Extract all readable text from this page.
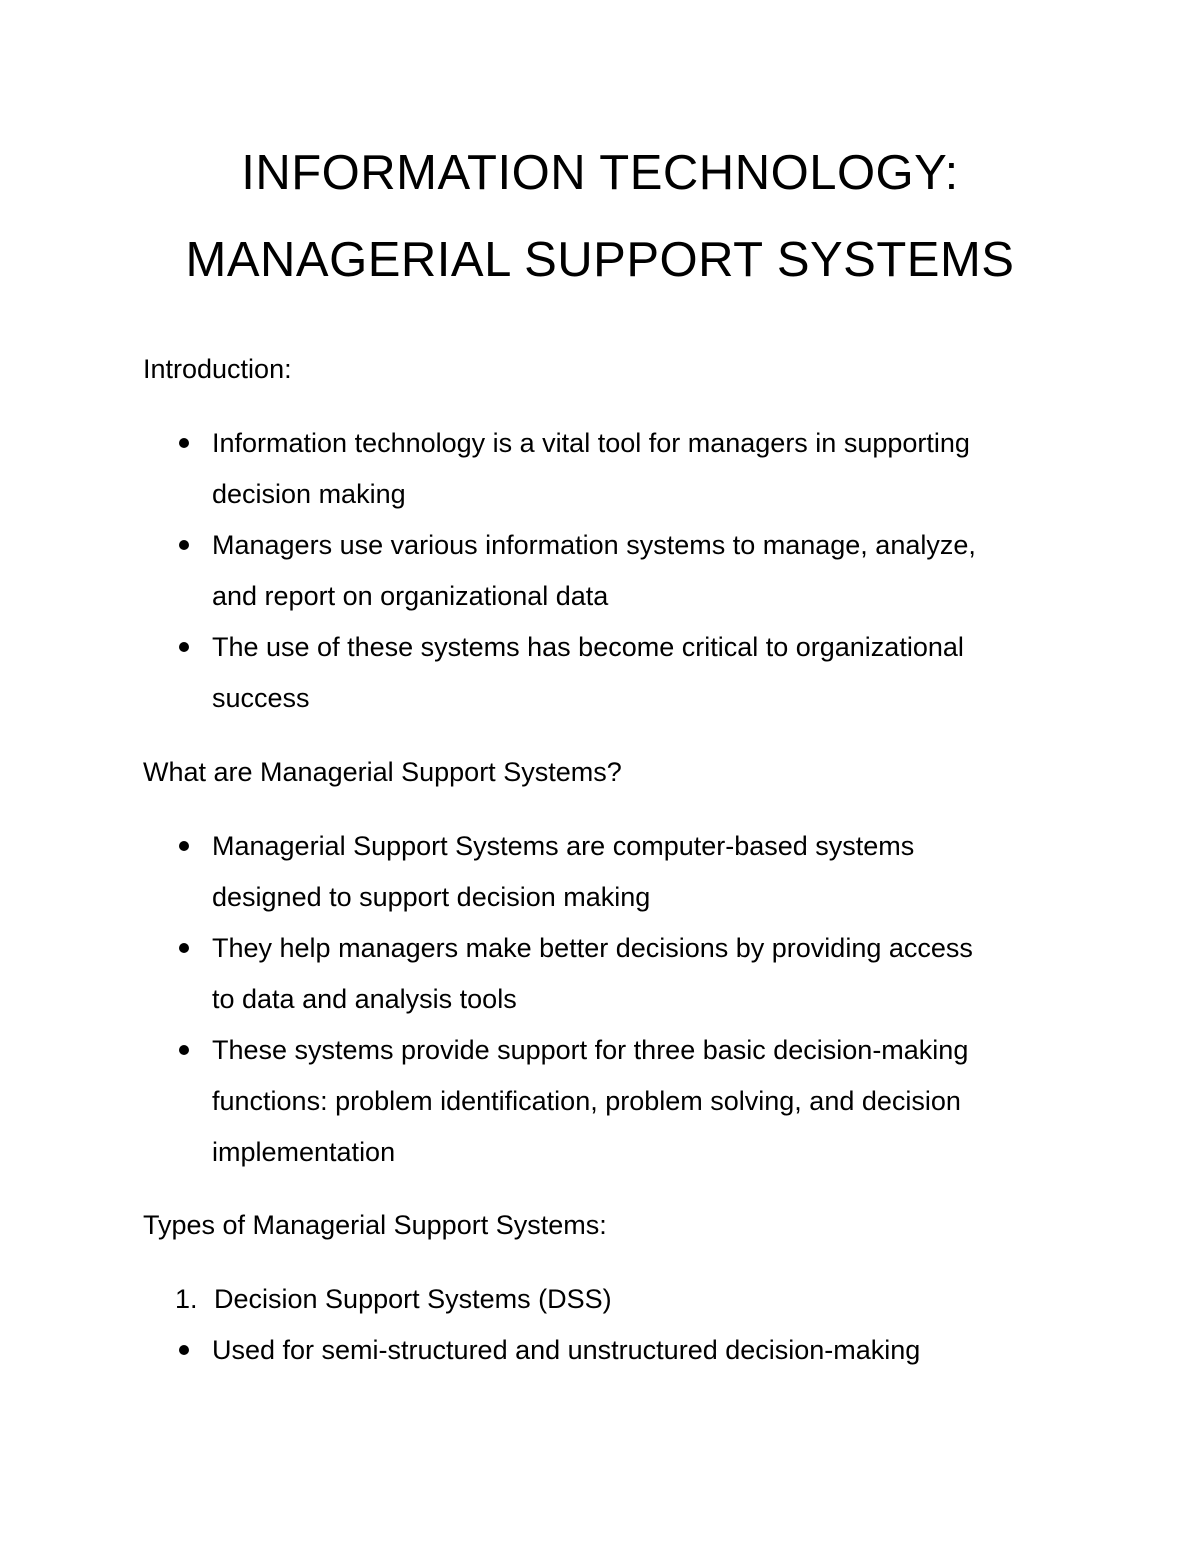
INFORMATION TECHNOLOGY:
MANAGERIAL SUPPORT SYSTEMS
Introduction:
Information technology is a vital tool for managers in supporting
decision making
Managers use various information systems to manage, analyze,
and report on organizational data
The use of these systems has become critical to organizational
success
What are Managerial Support Systems?
Managerial Support Systems are computer-based systems
designed to support decision making
They help managers make better decisions by providing access
to data and analysis tools
These systems provide support for three basic decision-making
functions: problem identification, problem solving, and decision
implementation
Types of Managerial Support Systems:
1. Decision Support Systems (DSS)
Used for semi-structured and unstructured decision-making
